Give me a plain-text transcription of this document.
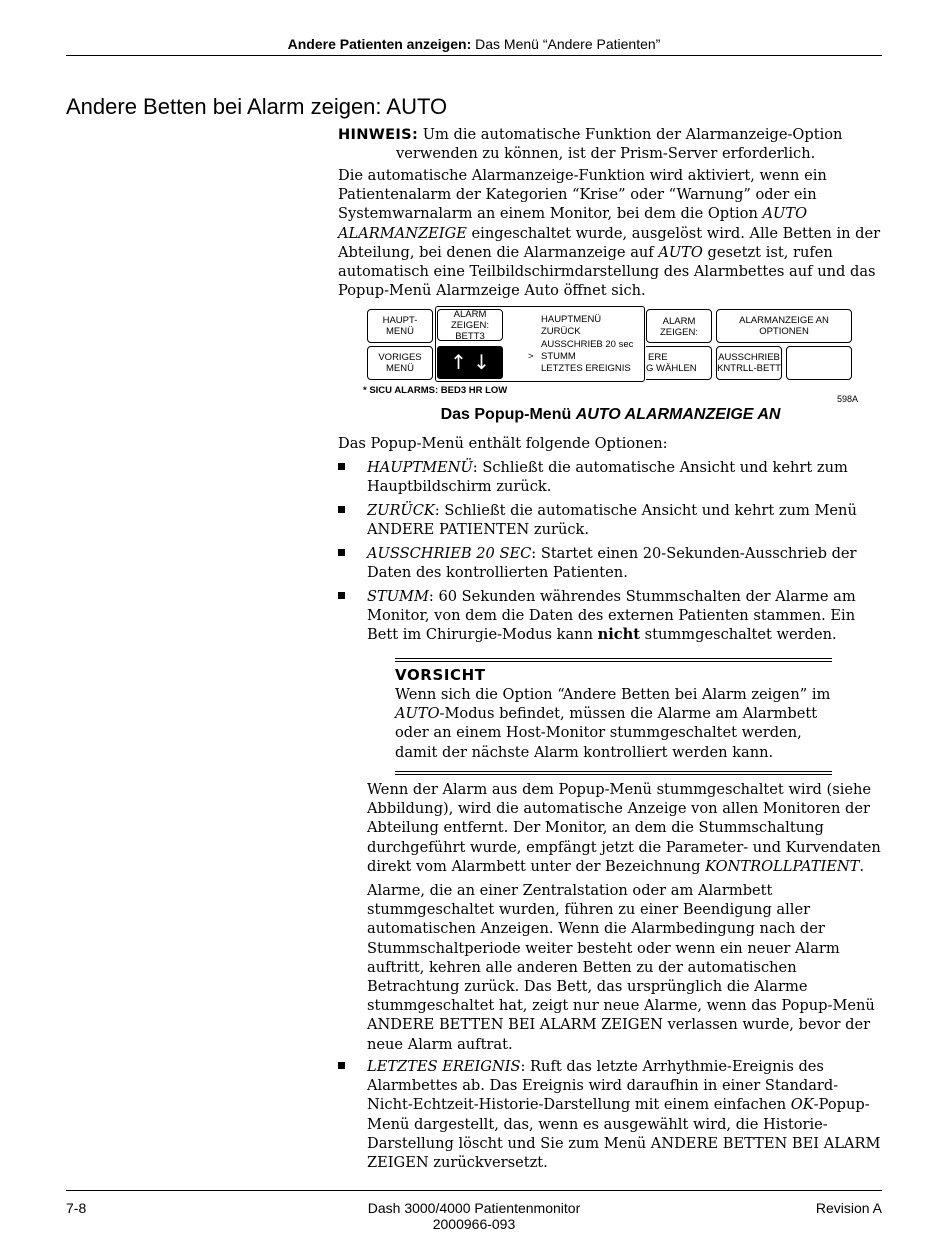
Andere Patienten anzeigen: Das Menü “Andere Patienten”
Andere Betten bei Alarm zeigen: AUTO
HINWEIS: Um die automatische Funktion der Alarmanzeige-Option
verwenden zu können, ist der Prism-Server erforderlich.
Die automatische Alarmanzeige-Funktion wird aktiviert, wenn ein Patientenalarm der Kategorien “Krise” oder “Warnung” oder ein Systemwarnalarm an einem Monitor, bei dem die Option AUTO ALARMANZEIGE eingeschaltet wurde, ausgelöst wird. Alle Betten in der Abteilung, bei denen die Alarmanzeige auf AUTO gesetzt ist, rufen automatisch eine Teilbildschirmdarstellung des Alarmbettes auf und das Popup-Menü Alarmzeige Auto öffnet sich.
HAUPT-
MENÜ
VORIGES
MENÜ
ALARM ZEIGEN:
ALARMANZEIGE AN
OPTIONEN
ERE
G WÄHLEN
AUSSCHRIEB
KNTRLL-BETT
ALARM ZEIGEN:
BETT3
↑ ↓
HAUPTMENÜ
ZURÜCK
AUSSCHRIEB 20 sec
> STUMM
LETZTES EREIGNIS
* SICU ALARMS: BED3 HR LOW
598A
Das Popup-Menü AUTO ALARMANZEIGE AN
Das Popup-Menü enthält folgende Optionen:
HAUPTMENÜ: Schließt die automatische Ansicht und kehrt zum Hauptbildschirm zurück.
ZURÜCK: Schließt die automatische Ansicht und kehrt zum Menü ANDERE PATIENTEN zurück.
AUSSCHRIEB 20 SEC: Startet einen 20-Sekunden-Ausschrieb der Daten des kontrollierten Patienten.
STUMM: 60 Sekunden währendes Stummschalten der Alarme am Monitor, von dem die Daten des externen Patienten stammen. Ein Bett im Chirurgie-Modus kann nicht stummgeschaltet werden.
VORSICHT
Wenn sich die Option “Andere Betten bei Alarm zeigen” im AUTO-Modus befindet, müssen die Alarme am Alarmbett oder an einem Host-Monitor stummgeschaltet werden, damit der nächste Alarm kontrolliert werden kann.
Wenn der Alarm aus dem Popup-Menü stummgeschaltet wird (siehe Abbildung), wird die automatische Anzeige von allen Monitoren der Abteilung entfernt. Der Monitor, an dem die Stummschaltung durchgeführt wurde, empfängt jetzt die Parameter- und Kurvendaten direkt vom Alarmbett unter der Bezeichnung KONTROLLPATIENT.
Alarme, die an einer Zentralstation oder am Alarmbett stummgeschaltet wurden, führen zu einer Beendigung aller automatischen Anzeigen. Wenn die Alarmbedingung nach der Stummschaltperiode weiter besteht oder wenn ein neuer Alarm auftritt, kehren alle anderen Betten zu der automatischen Betrachtung zurück. Das Bett, das ursprünglich die Alarme stummgeschaltet hat, zeigt nur neue Alarme, wenn das Popup-Menü ANDERE BETTEN BEI ALARM ZEIGEN verlassen wurde, bevor der neue Alarm auftrat.
LETZTES EREIGNIS: Ruft das letzte Arrhythmie-Ereignis des Alarmbettes ab. Das Ereignis wird daraufhin in einer Standard-Nicht-Echtzeit-Historie-Darstellung mit einem einfachen OK-Popup-Menü dargestellt, das, wenn es ausgewählt wird, die Historie-Darstellung löscht und Sie zum Menü ANDERE BETTEN BEI ALARM ZEIGEN zurückversetzt.
7-8	Dash 3000/4000 Patientenmonitor
2000966-093
Revision A
